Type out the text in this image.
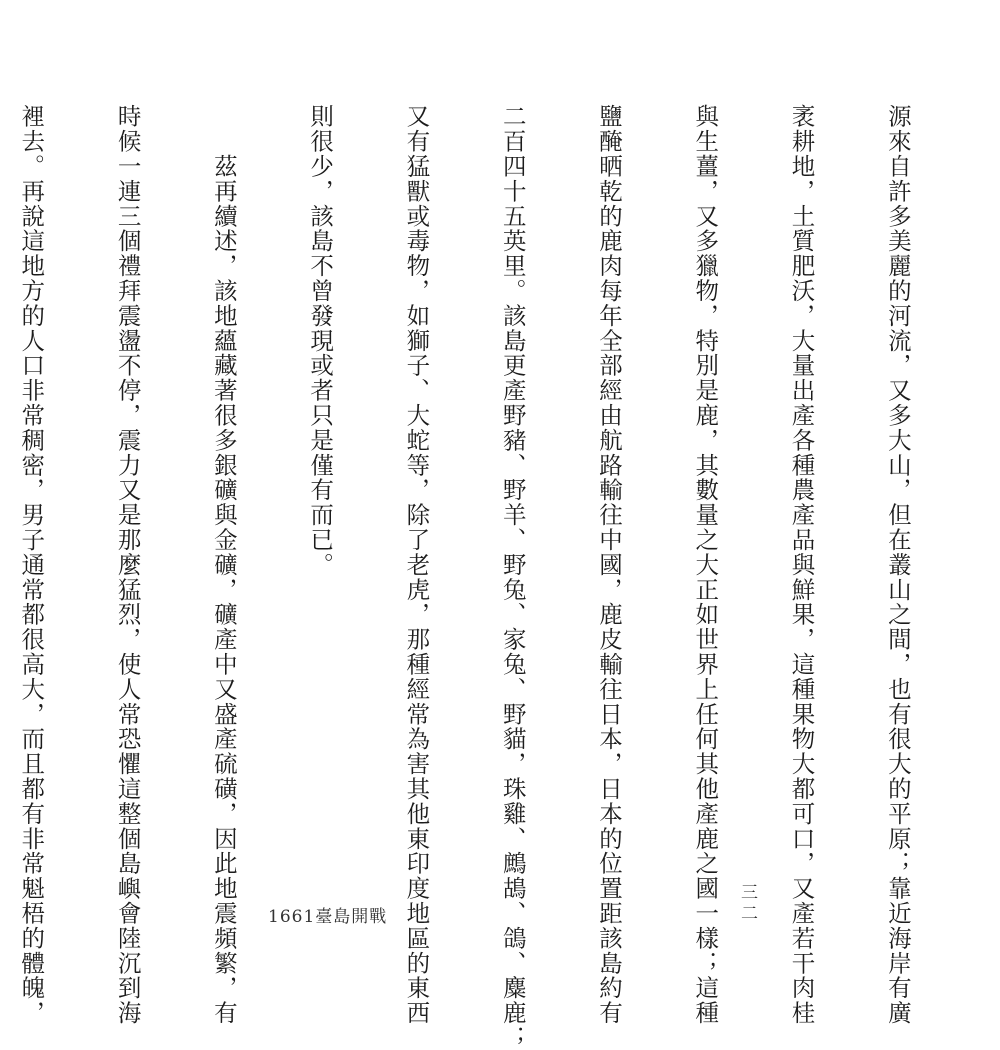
源來自許多美麗的河流，又多大山，但在叢山之間，也有很大的平原；靠近海岸有廣

袤耕地，土質肥沃，大量出產各種農產品與鮮果，這種果物大都可口，又產若干肉桂

與生薑，又多獵物，特別是鹿，其數量之大正如世界上任何其他產鹿之國一樣；這種

鹽醃晒乾的鹿肉每年全部經由航路輸往中國，鹿皮輸往日本，日本的位置距該島約有

二百四十五英里。該島更產野豬、野羊、野兔、家兔、野貓，珠雞、鷓鴣、鴿、麋鹿；

又有猛獸或毒物，如獅子、大蛇等，除了老虎，那種經常為害其他東印度地區的東西

則很少，該島不曾發現或者只是僅有而已。

　　茲再續述，該地蘊藏著很多銀礦與金礦，礦產中又盛產硫磺，因此地震頻繁，有

時候一連三個禮拜震盪不停，震力又是那麼猛烈，使人常恐懼這整個島嶼會陸沉到海

裡去。再說這地方的人口非常稠密，男子通常都很高大，而且都有非常魁梧的體魄，

	三二
1661臺島開戰
